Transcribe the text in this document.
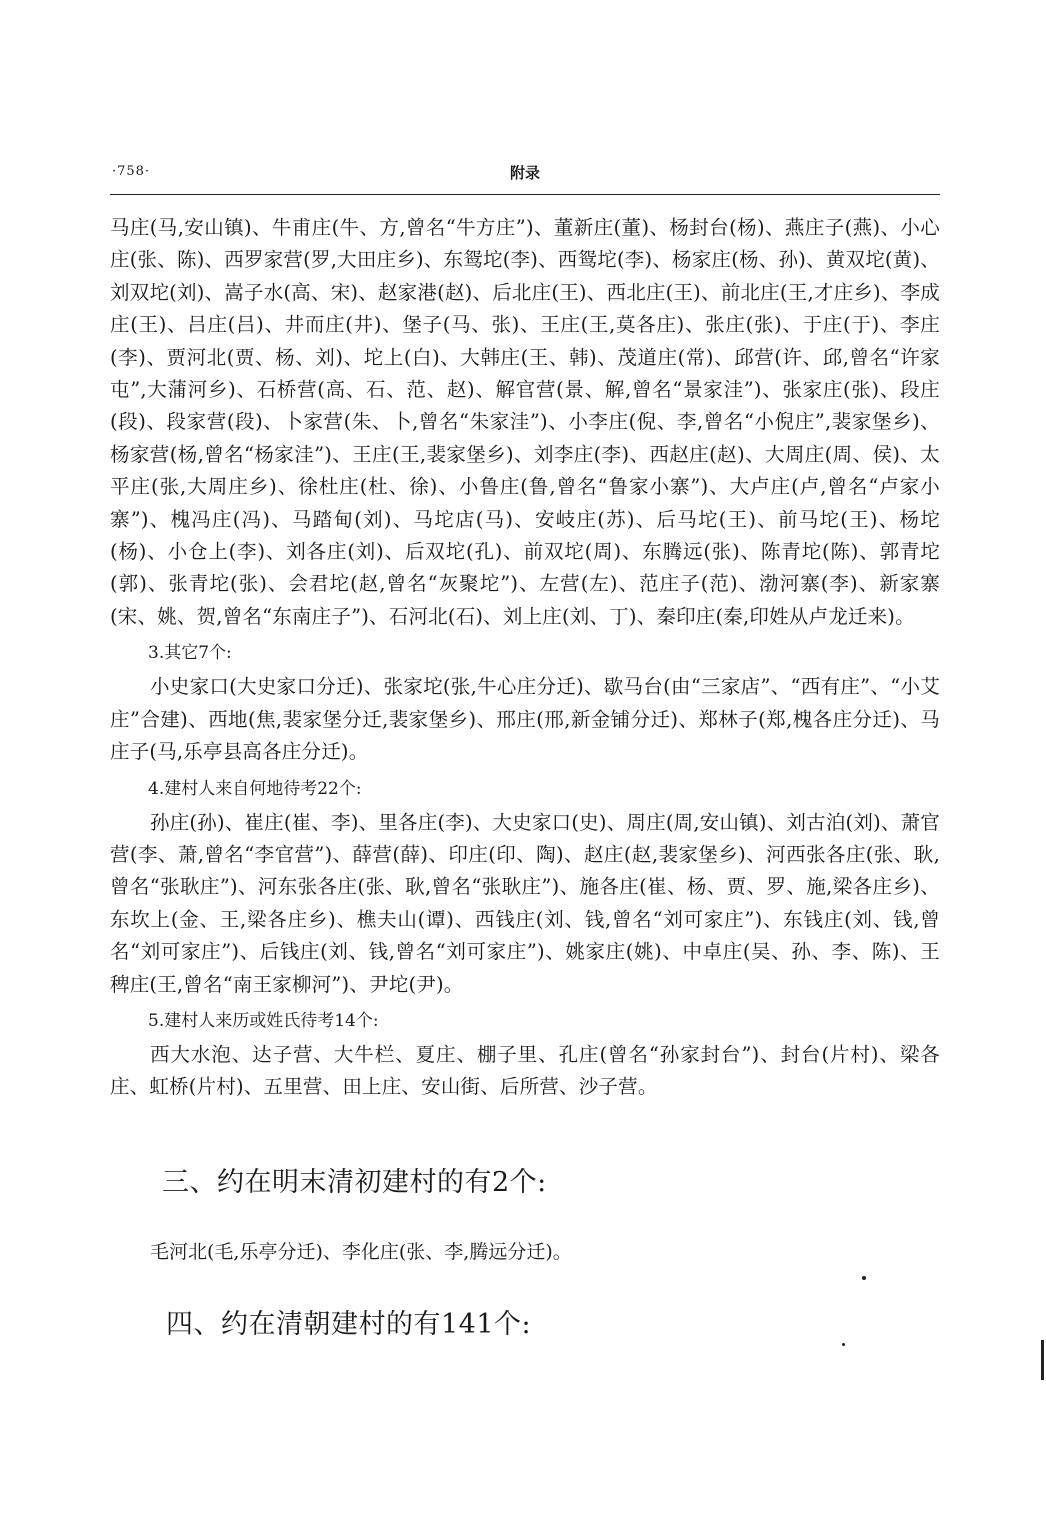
·758·	附录

马庄(马,安山镇)、牛甫庄(牛、方,曾名“牛方庄”)、董新庄(董)、杨封台(杨)、燕庄子(燕)、小心庄(张、陈)、西罗家营(罗,大田庄乡)、东鸳坨(李)、西鸳坨(李)、杨家庄(杨、孙)、黄双坨(黄)、刘双坨(刘)、嵩子水(高、宋)、赵家港(赵)、后北庄(王)、西北庄(王)、前北庄(王,才庄乡)、李成庄(王)、吕庄(吕)、井而庄(井)、堡子(马、张)、王庄(王,莫各庄)、张庄(张)、于庄(于)、李庄(李)、贾河北(贾、杨、刘)、坨上(白)、大韩庄(王、韩)、茂道庄(常)、邱营(许、邱,曾名“许家屯”,大蒲河乡)、石桥营(高、石、范、赵)、解官营(景、解,曾名“景家洼”)、张家庄(张)、段庄(段)、段家营(段)、卜家营(朱、卜,曾名“朱家洼”)、小李庄(倪、李,曾名“小倪庄”,裴家堡乡)、杨家营(杨,曾名“杨家洼”)、王庄(王,裴家堡乡)、刘李庄(李)、西赵庄(赵)、大周庄(周、侯)、太平庄(张,大周庄乡)、徐杜庄(杜、徐)、小鲁庄(鲁,曾名“鲁家小寨”)、大卢庄(卢,曾名“卢家小寨”)、槐冯庄(冯)、马踏甸(刘)、马坨店(马)、安岐庄(苏)、后马坨(王)、前马坨(王)、杨坨(杨)、小仓上(李)、刘各庄(刘)、后双坨(孔)、前双坨(周)、东腾远(张)、陈青坨(陈)、郭青坨(郭)、张青坨(张)、会君坨(赵,曾名“灰聚坨”)、左营(左)、范庄子(范)、渤河寨(李)、新家寨(宋、姚、贺,曾名“东南庄子”)、石河北(石)、刘上庄(刘、丁)、秦印庄(秦,印姓从卢龙迁来)。

3.其它7个:

小史家口(大史家口分迁)、张家坨(张,牛心庄分迁)、歇马台(由“三家店”、“西有庄”、“小艾庄”合建)、西地(焦,裴家堡分迁,裴家堡乡)、邢庄(邢,新金铺分迁)、郑林子(郑,槐各庄分迁)、马庄子(马,乐亭县高各庄分迁)。

4.建村人来自何地待考22个:

孙庄(孙)、崔庄(崔、李)、里各庄(李)、大史家口(史)、周庄(周,安山镇)、刘古泊(刘)、萧官营(李、萧,曾名“李官营”)、薛营(薛)、印庄(印、陶)、赵庄(赵,裴家堡乡)、河西张各庄(张、耿,曾名“张耿庄”)、河东张各庄(张、耿,曾名“张耿庄”)、施各庄(崔、杨、贾、罗、施,梁各庄乡)、东坎上(金、王,梁各庄乡)、樵夫山(谭)、西钱庄(刘、钱,曾名“刘可家庄”)、东钱庄(刘、钱,曾名“刘可家庄”)、后钱庄(刘、钱,曾名“刘可家庄”)、姚家庄(姚)、中卓庄(吴、孙、李、陈)、王稗庄(王,曾名“南王家柳河”)、尹坨(尹)。

5.建村人来历或姓氏待考14个:

西大水泡、达子营、大牛栏、夏庄、棚子里、孔庄(曾名“孙家封台”)、封台(片村)、梁各庄、虹桥(片村)、五里营、田上庄、安山街、后所营、沙子营。

三、约在明末清初建村的有2个:
毛河北(毛,乐亭分迁)、李化庄(张、李,腾远分迁)。
四、约在清朝建村的有141个:
